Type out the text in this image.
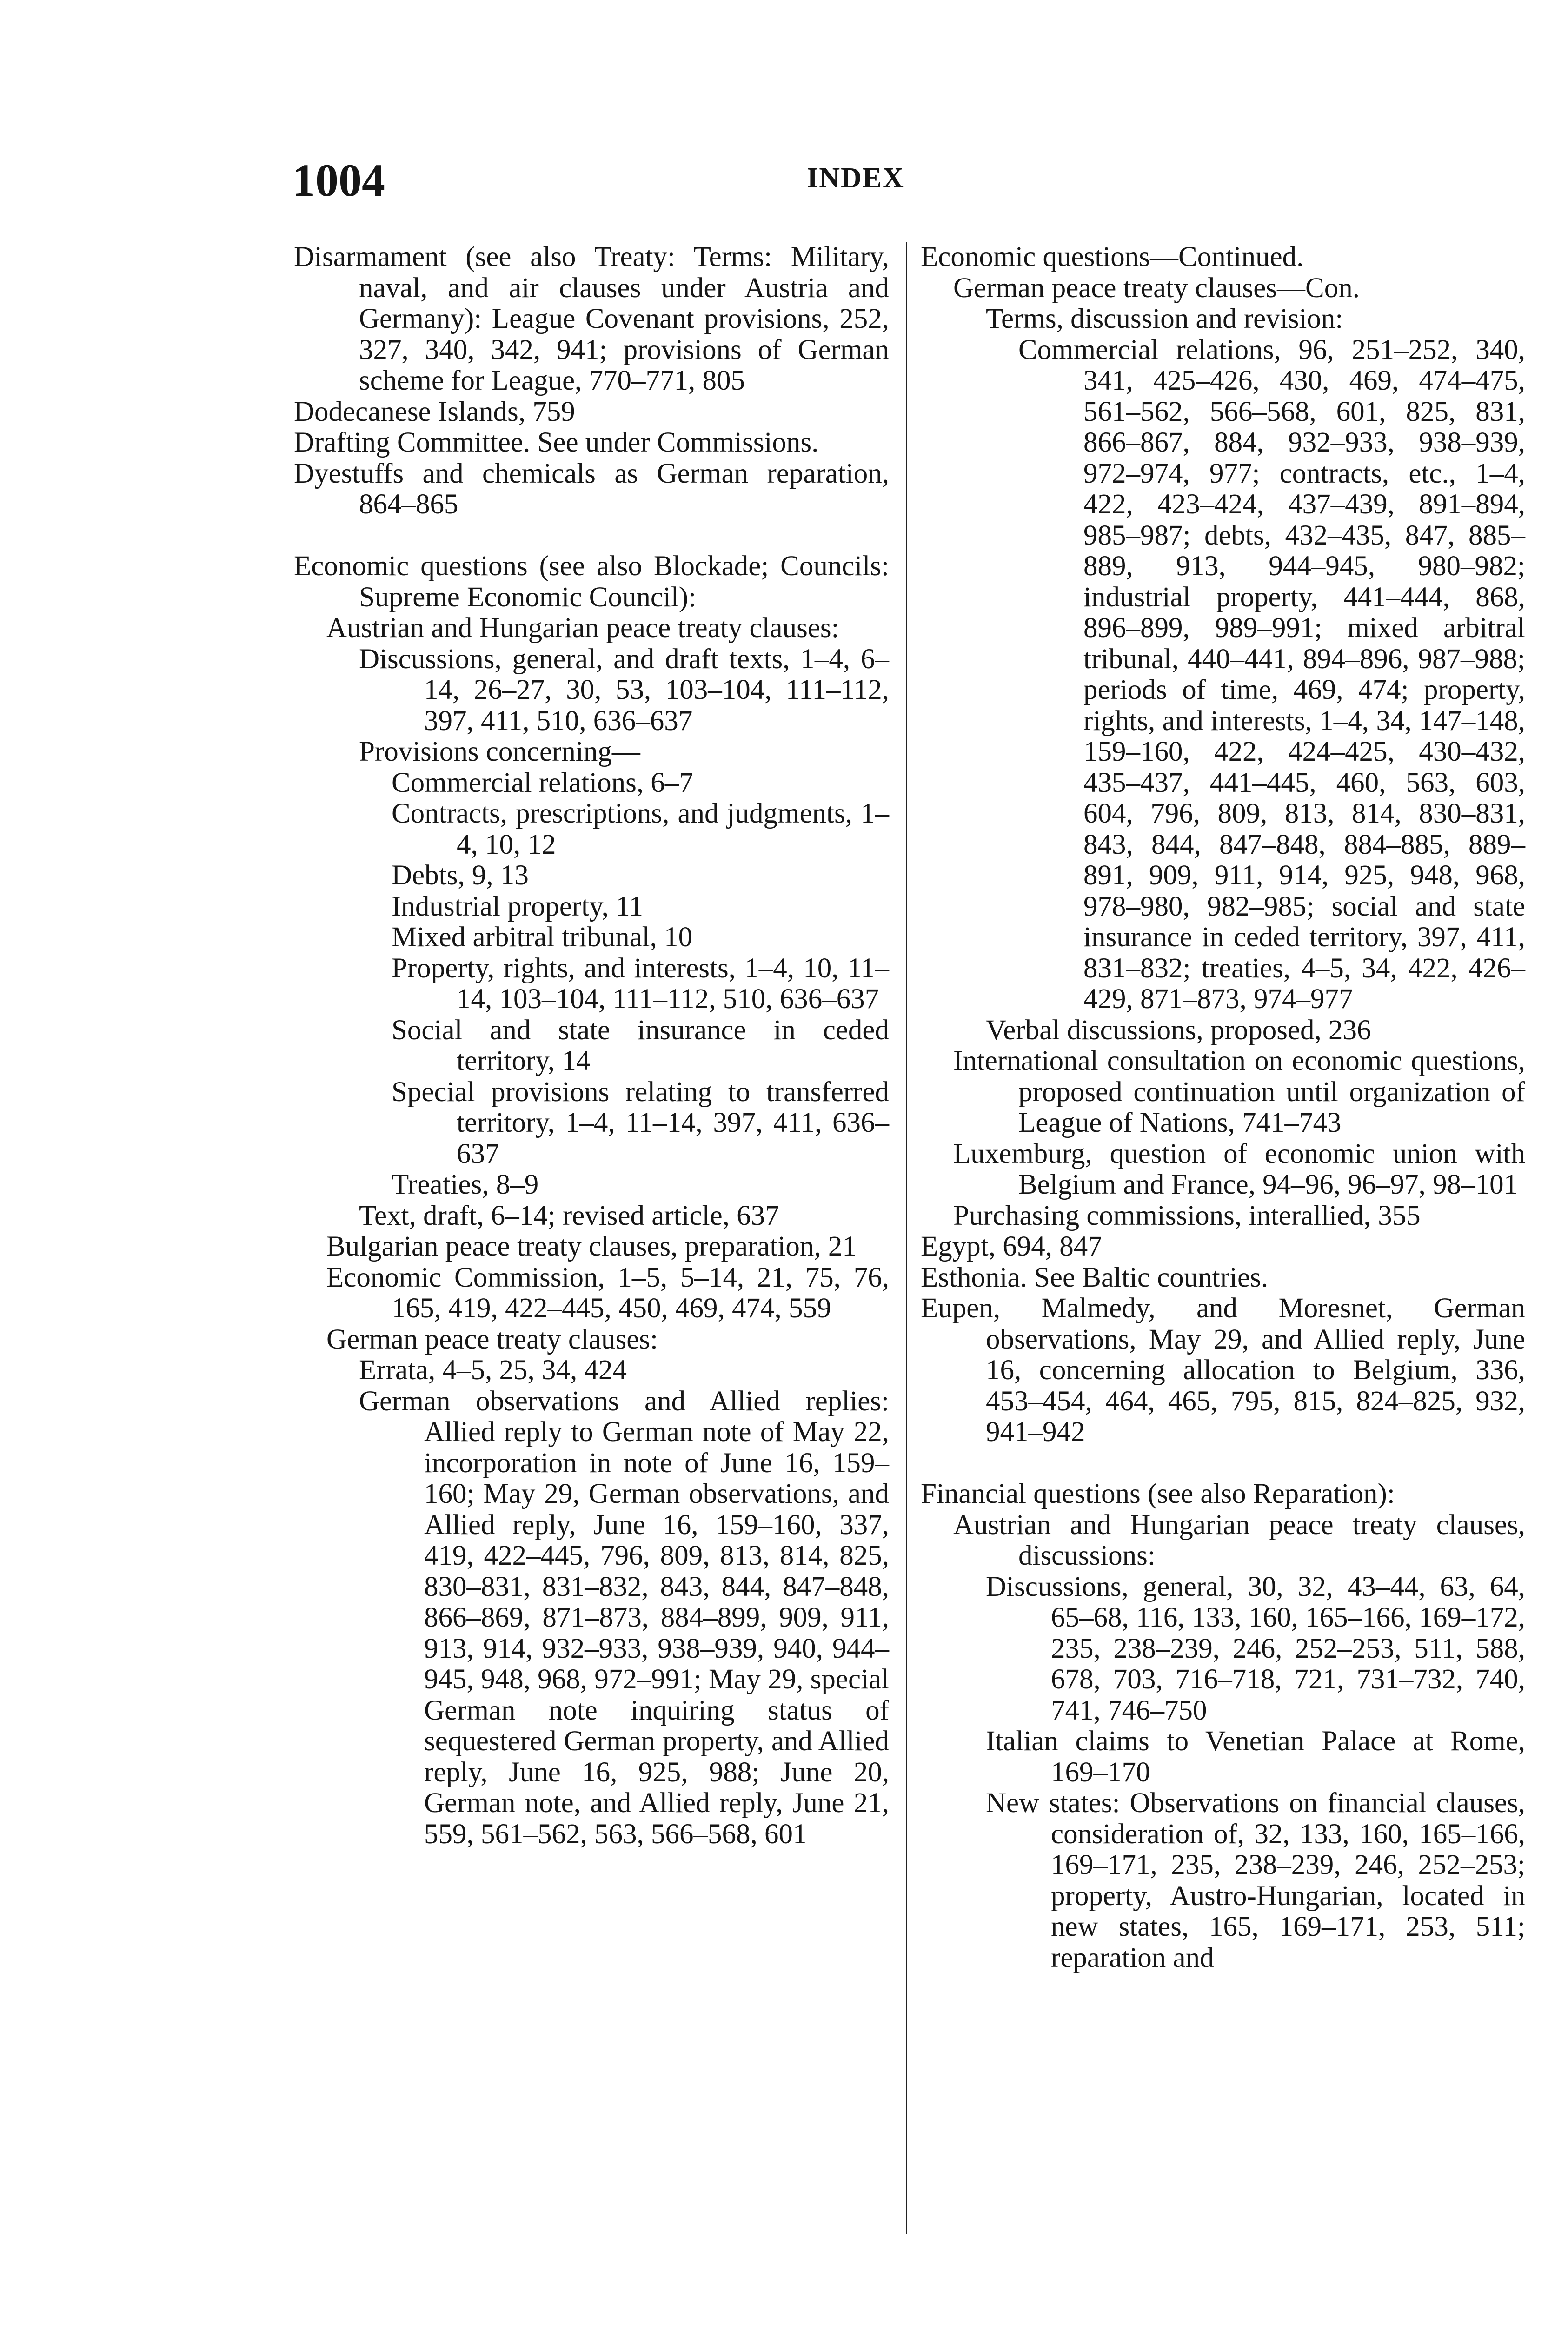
1004	INDEX
Disarmament (see also Treaty: Terms: Military, naval, and air clauses under Austria and Germany): League Covenant provisions, 252, 327, 340, 342, 941; provisions of German scheme for League, 770–771, 805
Dodecanese Islands, 759
Drafting Committee. See under Commissions.
Dyestuffs and chemicals as German reparation, 864–865
Economic questions (see also Blockade; Councils: Supreme Economic Council):
Austrian and Hungarian peace treaty clauses:
Discussions, general, and draft texts, 1–4, 6–14, 26–27, 30, 53, 103–104, 111–112, 397, 411, 510, 636–637
Provisions concerning—
Commercial relations, 6–7
Contracts, prescriptions, and judgments, 1–4, 10, 12
Debts, 9, 13
Industrial property, 11
Mixed arbitral tribunal, 10
Property, rights, and interests, 1–4, 10, 11–14, 103–104, 111–112, 510, 636–637
Social and state insurance in ceded territory, 14
Special provisions relating to transferred territory, 1–4, 11–14, 397, 411, 636–637
Treaties, 8–9
Text, draft, 6–14; revised article, 637
Bulgarian peace treaty clauses, preparation, 21
Economic Commission, 1–5, 5–14, 21, 75, 76, 165, 419, 422–445, 450, 469, 474, 559
German peace treaty clauses:
Errata, 4–5, 25, 34, 424
German observations and Allied replies: Allied reply to German note of May 22, incorporation in note of June 16, 159–160; May 29, German observations, and Allied reply, June 16, 159–160, 337, 419, 422–445, 796, 809, 813, 814, 825, 830–831, 831–832, 843, 844, 847–848, 866–869, 871–873, 884–899, 909, 911, 913, 914, 932–933, 938–939, 940, 944–945, 948, 968, 972–991; May 29, special German note inquiring status of sequestered German property, and Allied reply, June 16, 925, 988; June 20, German note, and Allied reply, June 21, 559, 561–562, 563, 566–568, 601
Economic questions—Continued.
German peace treaty clauses—Con.
Terms, discussion and revision:
Commercial relations, 96, 251–252, 340, 341, 425–426, 430, 469, 474–475, 561–562, 566–568, 601, 825, 831, 866–867, 884, 932–933, 938–939, 972–974, 977; contracts, etc., 1–4, 422, 423–424, 437–439, 891–894, 985–987; debts, 432–435, 847, 885–889, 913, 944–945, 980–982; industrial property, 441–444, 868, 896–899, 989–991; mixed arbitral tribunal, 440–441, 894–896, 987–988; periods of time, 469, 474; property, rights, and interests, 1–4, 34, 147–148, 159–160, 422, 424–425, 430–432, 435–437, 441–445, 460, 563, 603, 604, 796, 809, 813, 814, 830–831, 843, 844, 847–848, 884–885, 889–891, 909, 911, 914, 925, 948, 968, 978–980, 982–985; social and state insurance in ceded territory, 397, 411, 831–832; treaties, 4–5, 34, 422, 426–429, 871–873, 974–977
Verbal discussions, proposed, 236
International consultation on economic questions, proposed continuation until organization of League of Nations, 741–743
Luxemburg, question of economic union with Belgium and France, 94–96, 96–97, 98–101
Purchasing commissions, interallied, 355
Egypt, 694, 847
Esthonia. See Baltic countries.
Eupen, Malmedy, and Moresnet, German observations, May 29, and Allied reply, June 16, concerning allocation to Belgium, 336, 453–454, 464, 465, 795, 815, 824–825, 932, 941–942
Financial questions (see also Reparation):
Austrian and Hungarian peace treaty clauses, discussions:
Discussions, general, 30, 32, 43–44, 63, 64, 65–68, 116, 133, 160, 165–166, 169–172, 235, 238–239, 246, 252–253, 511, 588, 678, 703, 716–718, 721, 731–732, 740, 741, 746–750
Italian claims to Venetian Palace at Rome, 169–170
New states: Observations on financial clauses, consideration of, 32, 133, 160, 165–166, 169–171, 235, 238–239, 246, 252–253; property, Austro-Hungarian, located in new states, 165, 169–171, 253, 511; reparation and
